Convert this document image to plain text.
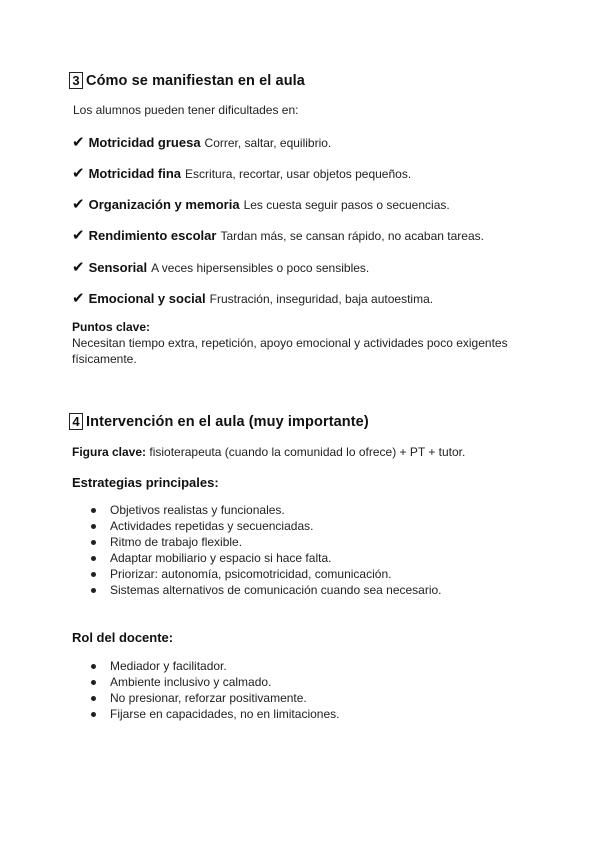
3 Cómo se manifiestan en el aula
Los alumnos pueden tener dificultades en:
✔ Motricidad gruesa Correr, saltar, equilibrio.
✔ Motricidad fina Escritura, recortar, usar objetos pequeños.
✔ Organización y memoria Les cuesta seguir pasos o secuencias.
✔ Rendimiento escolar Tardan más, se cansan rápido, no acaban tareas.
✔ Sensorial A veces hipersensibles o poco sensibles.
✔ Emocional y social Frustración, inseguridad, baja autoestima.
Puntos clave:
Necesitan tiempo extra, repetición, apoyo emocional y actividades poco exigentes
físicamente.
4 Intervención en el aula (muy importante)
Figura clave: fisioterapeuta (cuando la comunidad lo ofrece) + PT + tutor.
Estrategias principales:
Objetivos realistas y funcionales.
Actividades repetidas y secuenciadas.
Ritmo de trabajo flexible.
Adaptar mobiliario y espacio si hace falta.
Priorizar: autonomía, psicomotricidad, comunicación.
Sistemas alternativos de comunicación cuando sea necesario.
Rol del docente:
Mediador y facilitador.
Ambiente inclusivo y calmado.
No presionar, reforzar positivamente.
Fijarse en capacidades, no en limitaciones.
